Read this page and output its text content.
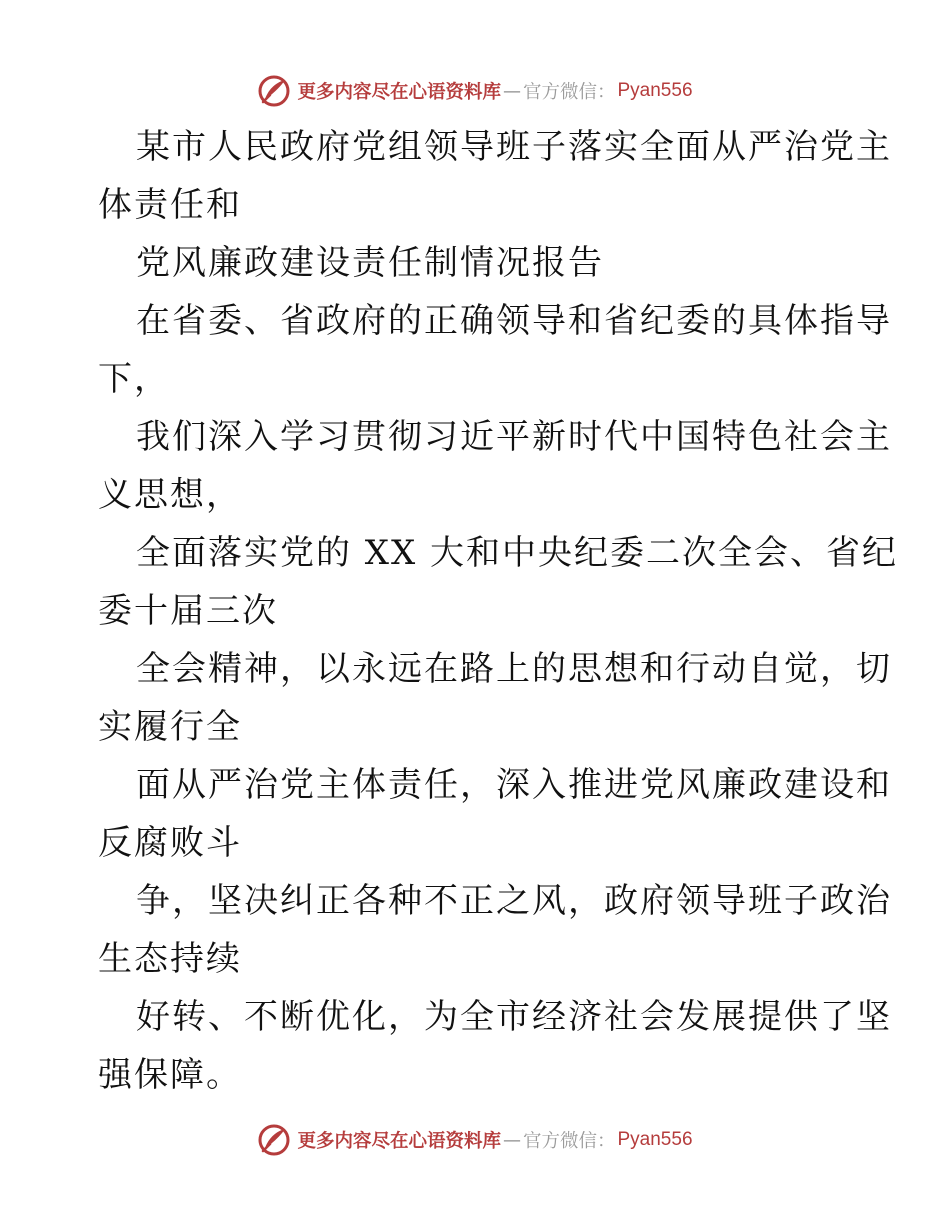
更多内容尽在心语资料库 — 官方微信： Pyan556
某市人民政府党组领导班子落实全面从严治党主
体责任和
党风廉政建设责任制情况报告
在省委、省政府的正确领导和省纪委的具体指导
下，
我们深入学习贯彻习近平新时代中国特色社会主
义思想，
全面落实党的 XX 大和中央纪委二次全会、省纪
委十届三次
全会精神，以永远在路上的思想和行动自觉，切
实履行全
面从严治党主体责任，深入推进党风廉政建设和
反腐败斗
争，坚决纠正各种不正之风，政府领导班子政治
生态持续
好转、不断优化，为全市经济社会发展提供了坚
强保障。
更多内容尽在心语资料库 — 官方微信： Pyan556
